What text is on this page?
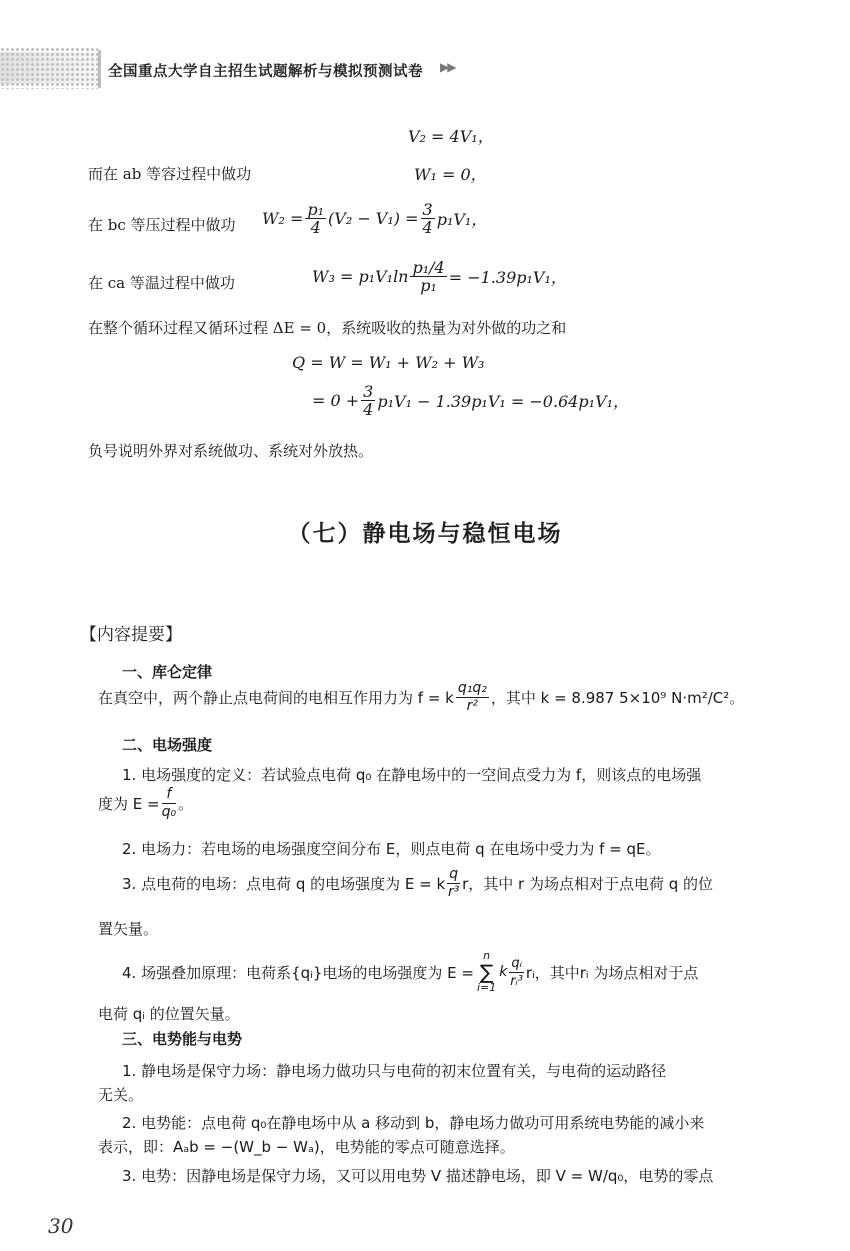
全国重点大学自主招生试题解析与模拟预测试卷 ▶▶
V₂ = 4V₁，
而在 ab 等容过程中做功	W₁ = 0，
在 bc 等压过程中做功 $W_2 = \frac{\text{p₁}}{4} (V_2 - V_1) = \frac{3}{4} p_1V_1$，
在 ca 等温过程中做功	$W_3 = p_1V_1\ln \frac{\text{p₁/4}}{\text{p₁}} = -1.39p_1V_1$，
在整个循环过程又循环过程 ΔE = 0，系统吸收的热量为对外做的功之和
Q = W = W₁ + W₂ + W₃
= $0 + \frac{3}{4} p_1V_1 - 1.39p_1V_1 = -0.64p_1V_1$，
负号说明外界对系统做功、系统对外放热。
（七）静电场与稳恒电场
【内容提要】
一、库仑定律
在真空中，两个静止点电荷间的电相互作用力为 f = k $\frac{\text{q₁q₂}}{\text{r²}}$ ，其中 k = 8.987 5×10⁹ N·m²/C²。
二、电场强度
1. 电场强度的定义：若试验点电荷 q₀ 在静电场中的一空间点受力为 f，则该点的电场强
度为 $E = \frac{f}{\text{q₀}}$ 。
2. 电场力：若电场的电场强度空间分布 E，则点电荷 q 在电场中受力为 f = qE。
3. 点电荷的电场：点电荷 q 的电场强度为 E = k $\frac{q}{\text{r³}}$ r，其中 r 为场点相对于点电荷 q 的位
置矢量。
4. 场强叠加原理：电荷系{qᵢ}电场的电场强度为 E =
n
∑
i=1
k $\frac{\text{qᵢ}}{\text{rᵢ³}}$ rᵢ，其中rᵢ 为场点相对于点
电荷 qᵢ 的位置矢量。
三、电势能与电势
1. 静电场是保守力场：静电场力做功只与电荷的初末位置有关，与电荷的运动路径
无关。
2. 电势能：点电荷 q₀在静电场中从 a 移动到 b，静电场力做功可用系统电势能的减小来
表示，即：Aₐb = −(W_b − Wₐ)，电势能的零点可随意选择。
3. 电势：因静电场是保守力场，又可以用电势 V 描述静电场，即 V = W/q₀，电势的零点
30
